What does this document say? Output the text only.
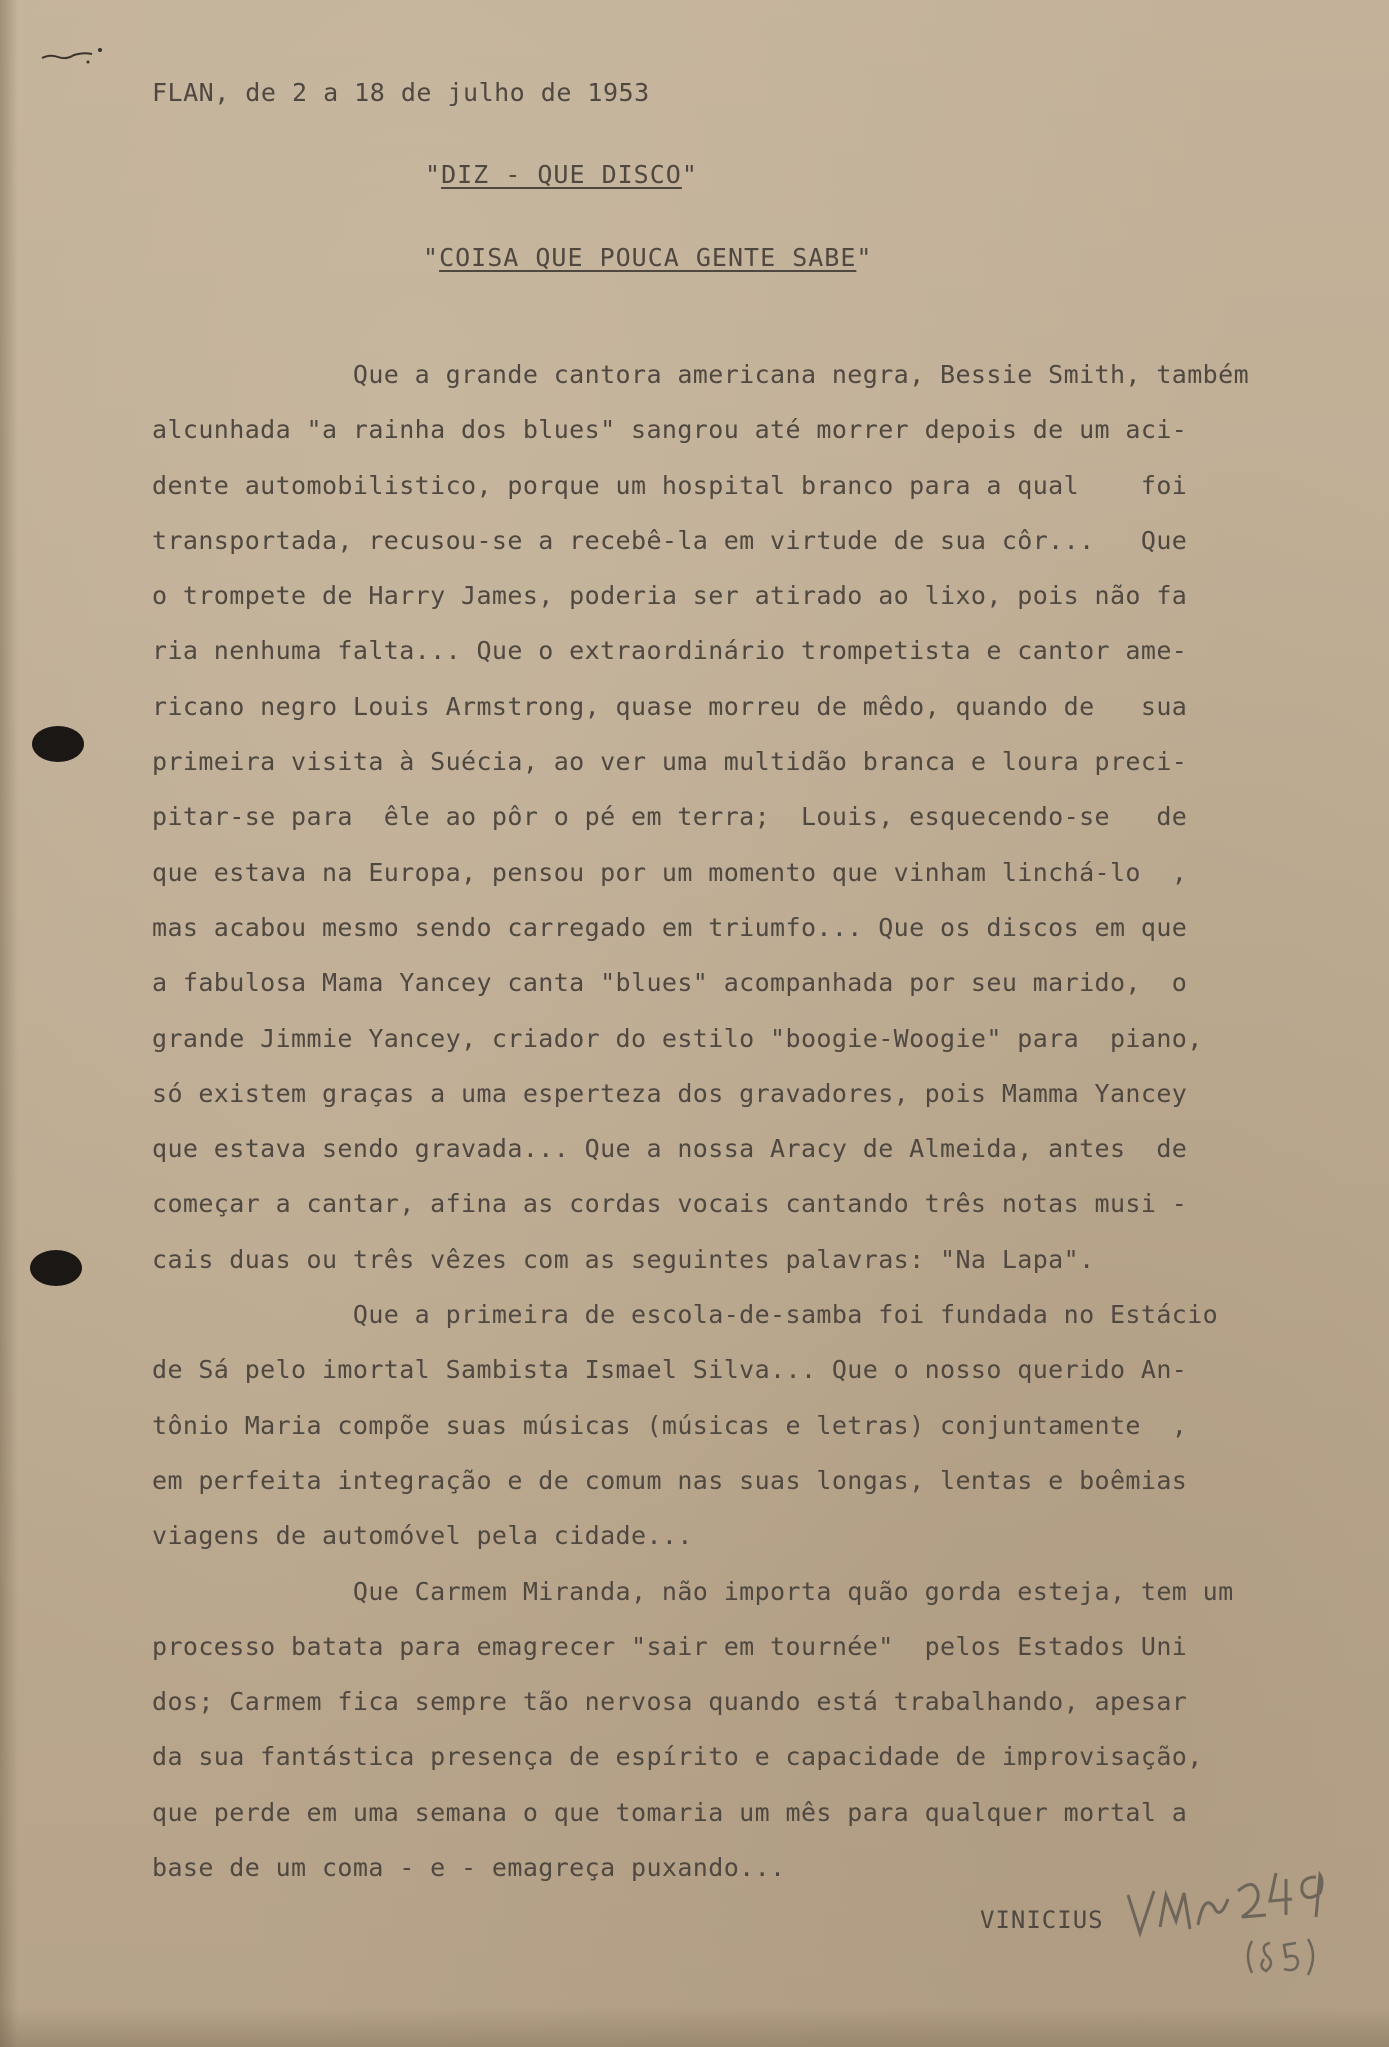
FLAN, de 2 a 18 de julho de 1953
"DIZ - QUE DISCO"
"COISA QUE POUCA GENTE SABE"
Que a grande cantora americana negra, Bessie Smith, também
alcunhada "a rainha dos blues" sangrou até morrer depois de um aci-
dente automobilistico, porque um hospital branco para a qual    foi
transportada, recusou-se a recebê-la em virtude de sua côr...   Que
o trompete de Harry James, poderia ser atirado ao lixo, pois não fa
ria nenhuma falta... Que o extraordinário trompetista e cantor ame-
ricano negro Louis Armstrong, quase morreu de mêdo, quando de   sua
primeira visita à Suécia, ao ver uma multidão branca e loura preci-
pitar-se para  êle ao pôr o pé em terra;  Louis, esquecendo-se   de
que estava na Europa, pensou por um momento que vinham linchá-lo  ,
mas acabou mesmo sendo carregado em triumfo... Que os discos em que
a fabulosa Mama Yancey canta "blues" acompanhada por seu marido,  o
grande Jimmie Yancey, criador do estilo "boogie-Woogie" para  piano,
só existem graças a uma esperteza dos gravadores, pois Mamma Yancey
que estava sendo gravada... Que a nossa Aracy de Almeida, antes  de
começar a cantar, afina as cordas vocais cantando três notas musi -
cais duas ou três vêzes com as seguintes palavras: "Na Lapa".
Que a primeira de escola-de-samba foi fundada no Estácio
de Sá pelo imortal Sambista Ismael Silva... Que o nosso querido An-
tônio Maria compõe suas músicas (músicas e letras) conjuntamente  ,
em perfeita integração e de comum nas suas longas, lentas e boêmias
viagens de automóvel pela cidade...
Que Carmem Miranda, não importa quão gorda esteja, tem um
processo batata para emagrecer "sair em tournée"  pelos Estados Uni
dos; Carmem fica sempre tão nervosa quando está trabalhando, apesar
da sua fantástica presença de espírito e capacidade de improvisação,
que perde em uma semana o que tomaria um mês para qualquer mortal a
base de um coma - e - emagreça puxando...
VINICIUS
